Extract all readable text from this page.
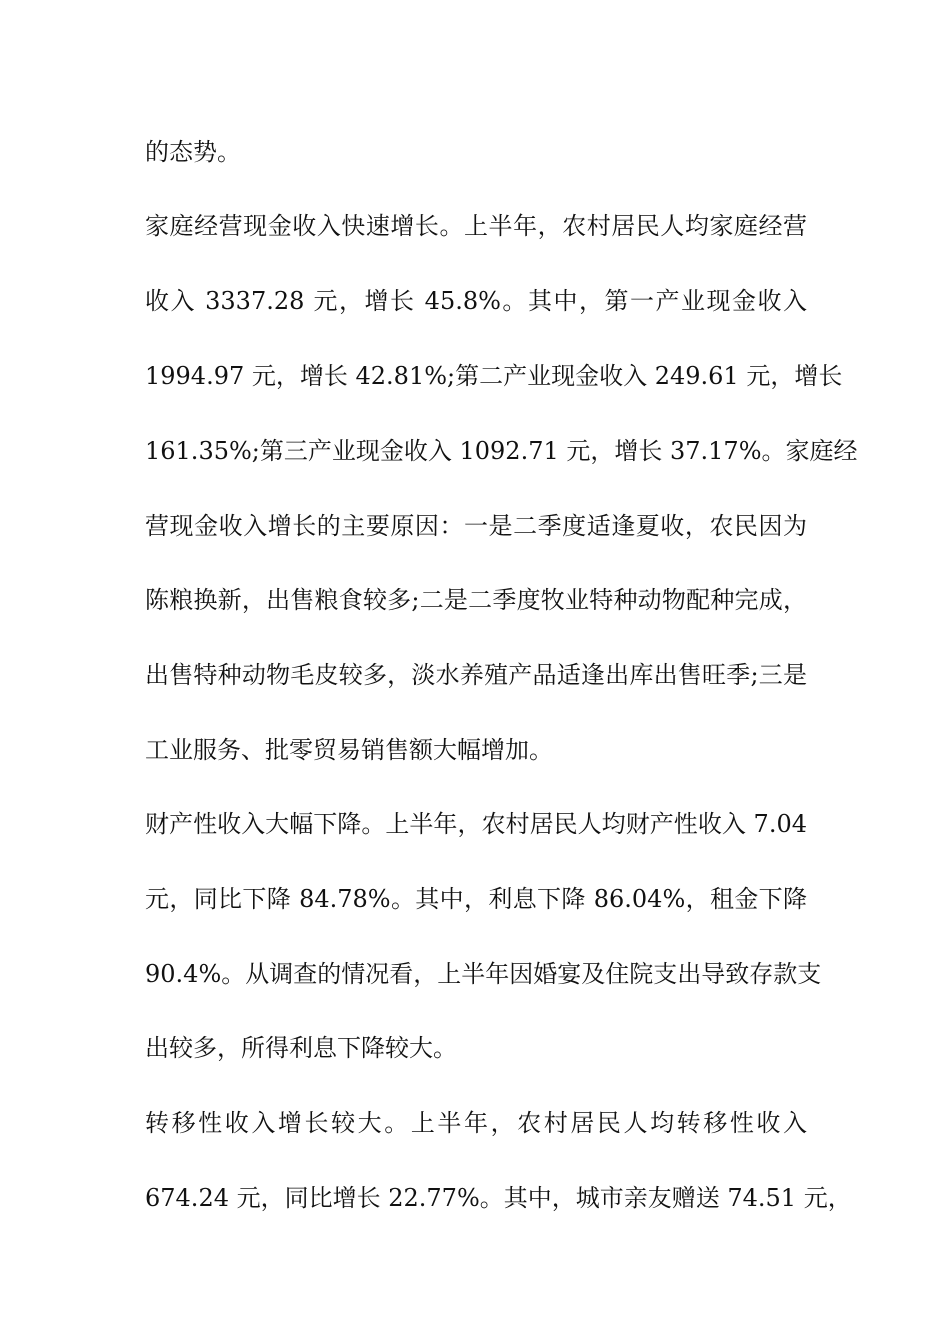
的态势。
家庭经营现金收入快速增长。上半年，农村居民人均家庭经营
收入 3337.28 元，增长 45.8%。其中，第一产业现金收入
1994.97 元，增长 42.81%;第二产业现金收入 249.61 元，增长
161.35%;第三产业现金收入 1092.71 元，增长 37.17%。家庭经
营现金收入增长的主要原因：一是二季度适逢夏收，农民因为
陈粮换新，出售粮食较多;二是二季度牧业特种动物配种完成，
出售特种动物毛皮较多，淡水养殖产品适逢出库出售旺季;三是
工业服务、批零贸易销售额大幅增加。
财产性收入大幅下降。上半年，农村居民人均财产性收入 7.04
元，同比下降 84.78%。其中，利息下降 86.04%，租金下降
90.4%。从调查的情况看，上半年因婚宴及住院支出导致存款支
出较多，所得利息下降较大。
转移性收入增长较大。上半年，农村居民人均转移性收入
674.24 元，同比增长 22.77%。其中，城市亲友赠送 74.51 元，
